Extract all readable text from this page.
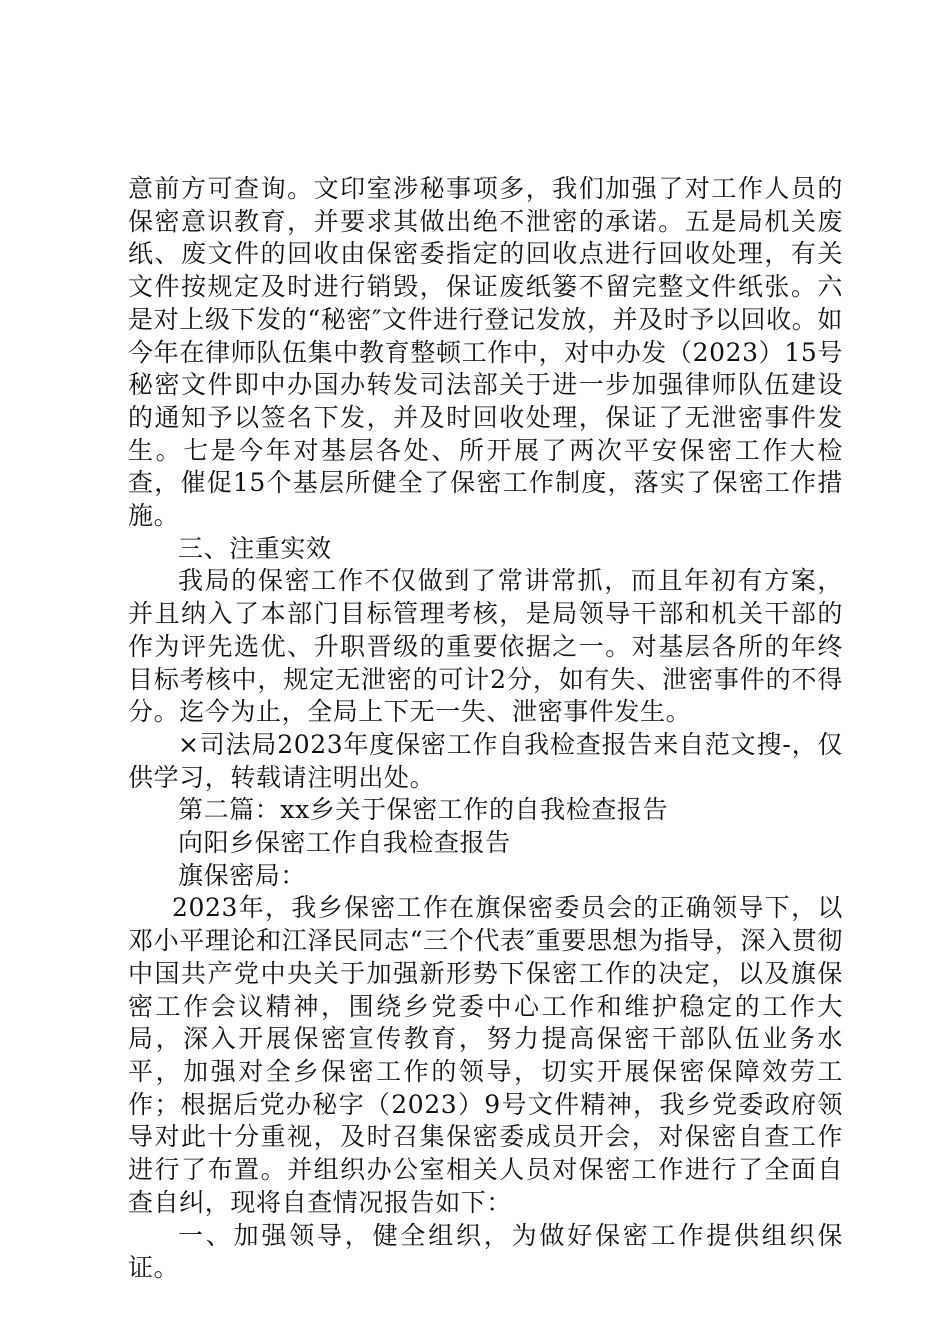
意前方可查询。文印室涉秘事项多，我们加强了对工作人员的保密意识教育，并要求其做出绝不泄密的承诺。五是局机关废纸、废文件的回收由保密委指定的回收点进行回收处理，有关文件按规定及时进行销毁，保证废纸篓不留完整文件纸张。六是对上级下发的“秘密″文件进行登记发放，并及时予以回收。如今年在律师队伍集中教育整顿工作中，对中办发（2023）15号秘密文件即中办国办转发司法部关于进一步加强律师队伍建设的通知予以签名下发，并及时回收处理，保证了无泄密事件发生。七是今年对基层各处、所开展了两次平安保密工作大检查，催促15个基层所健全了保密工作制度，落实了保密工作措施。

三、注重实效

我局的保密工作不仅做到了常讲常抓，而且年初有方案，并且纳入了本部门目标管理考核，是局领导干部和机关干部的作为评先选优、升职晋级的重要依据之一。对基层各所的年终目标考核中，规定无泄密的可计2分，如有失、泄密事件的不得分。迄今为止，全局上下无一失、泄密事件发生。

×司法局2023年度保密工作自我检查报告来自范文搜-，仅供学习，转载请注明出处。

第二篇：xx乡关于保密工作的自我检查报告

向阳乡保密工作自我检查报告

旗保密局：

2023年，我乡保密工作在旗保密委员会的正确领导下，以邓小平理论和江泽民同志“三个代表″重要思想为指导，深入贯彻中国共产党中央关于加强新形势下保密工作的决定，以及旗保密工作会议精神，围绕乡党委中心工作和维护稳定的工作大局，深入开展保密宣传教育，努力提高保密干部队伍业务水平，加强对全乡保密工作的领导，切实开展保密保障效劳工作；根据后党办秘字（2023）9号文件精神，我乡党委政府领导对此十分重视，及时召集保密委成员开会，对保密自查工作进行了布置。并组织办公室相关人员对保密工作进行了全面自查自纠，现将自查情况报告如下：

一、加强领导，健全组织，为做好保密工作提供组织保证。
